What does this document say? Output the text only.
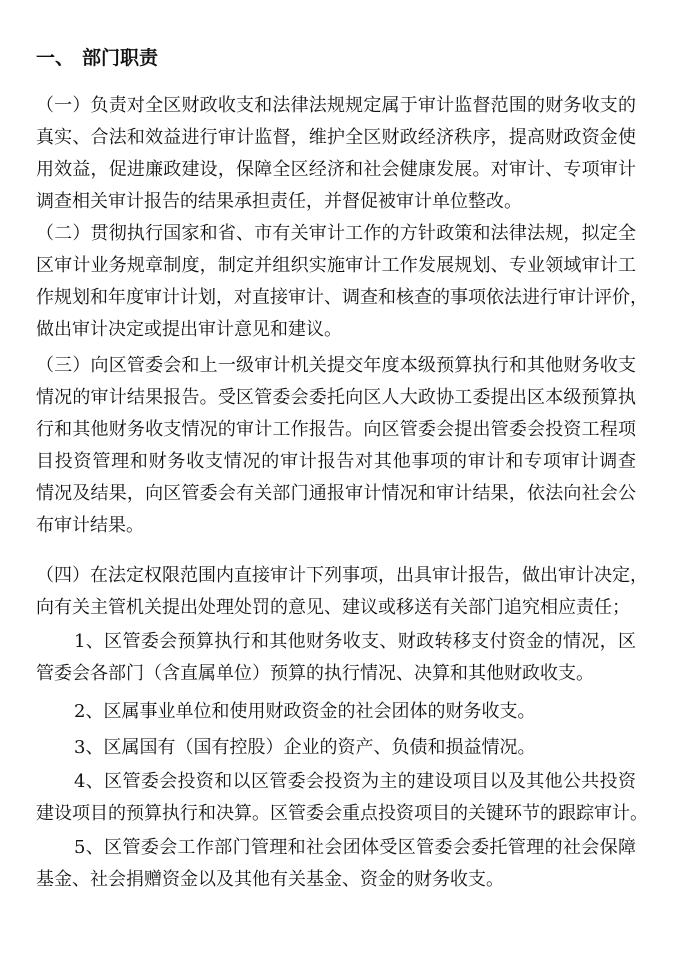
一、 部门职责
（一）负责对全区财政收支和法律法规规定属于审计监督范围的财务收支的
真实、合法和效益进行审计监督，维护全区财政经济秩序，提高财政资金使
用效益，促进廉政建设，保障全区经济和社会健康发展。对审计、专项审计
调查相关审计报告的结果承担责任，并督促被审计单位整改。
（二）贯彻执行国家和省、市有关审计工作的方针政策和法律法规，拟定全
区审计业务规章制度，制定并组织实施审计工作发展规划、专业领域审计工
作规划和年度审计计划，对直接审计、调查和核查的事项依法进行审计评价，
做出审计决定或提出审计意见和建议。
（三）向区管委会和上一级审计机关提交年度本级预算执行和其他财务收支
情况的审计结果报告。受区管委会委托向区人大政协工委提出区本级预算执
行和其他财务收支情况的审计工作报告。向区管委会提出管委会投资工程项
目投资管理和财务收支情况的审计报告对其他事项的审计和专项审计调查
情况及结果，向区管委会有关部门通报审计情况和审计结果，依法向社会公
布审计结果。
（四）在法定权限范围内直接审计下列事项，出具审计报告，做出审计决定，
向有关主管机关提出处理处罚的意见、建议或移送有关部门追究相应责任；
1、区管委会预算执行和其他财务收支、财政转移支付资金的情况，区
管委会各部门（含直属单位）预算的执行情况、决算和其他财政收支。
2、区属事业单位和使用财政资金的社会团体的财务收支。
3、区属国有（国有控股）企业的资产、负债和损益情况。
4、区管委会投资和以区管委会投资为主的建设项目以及其他公共投资
建设项目的预算执行和决算。区管委会重点投资项目的关键环节的跟踪审计。
5、区管委会工作部门管理和社会团体受区管委会委托管理的社会保障
基金、社会捐赠资金以及其他有关基金、资金的财务收支。
